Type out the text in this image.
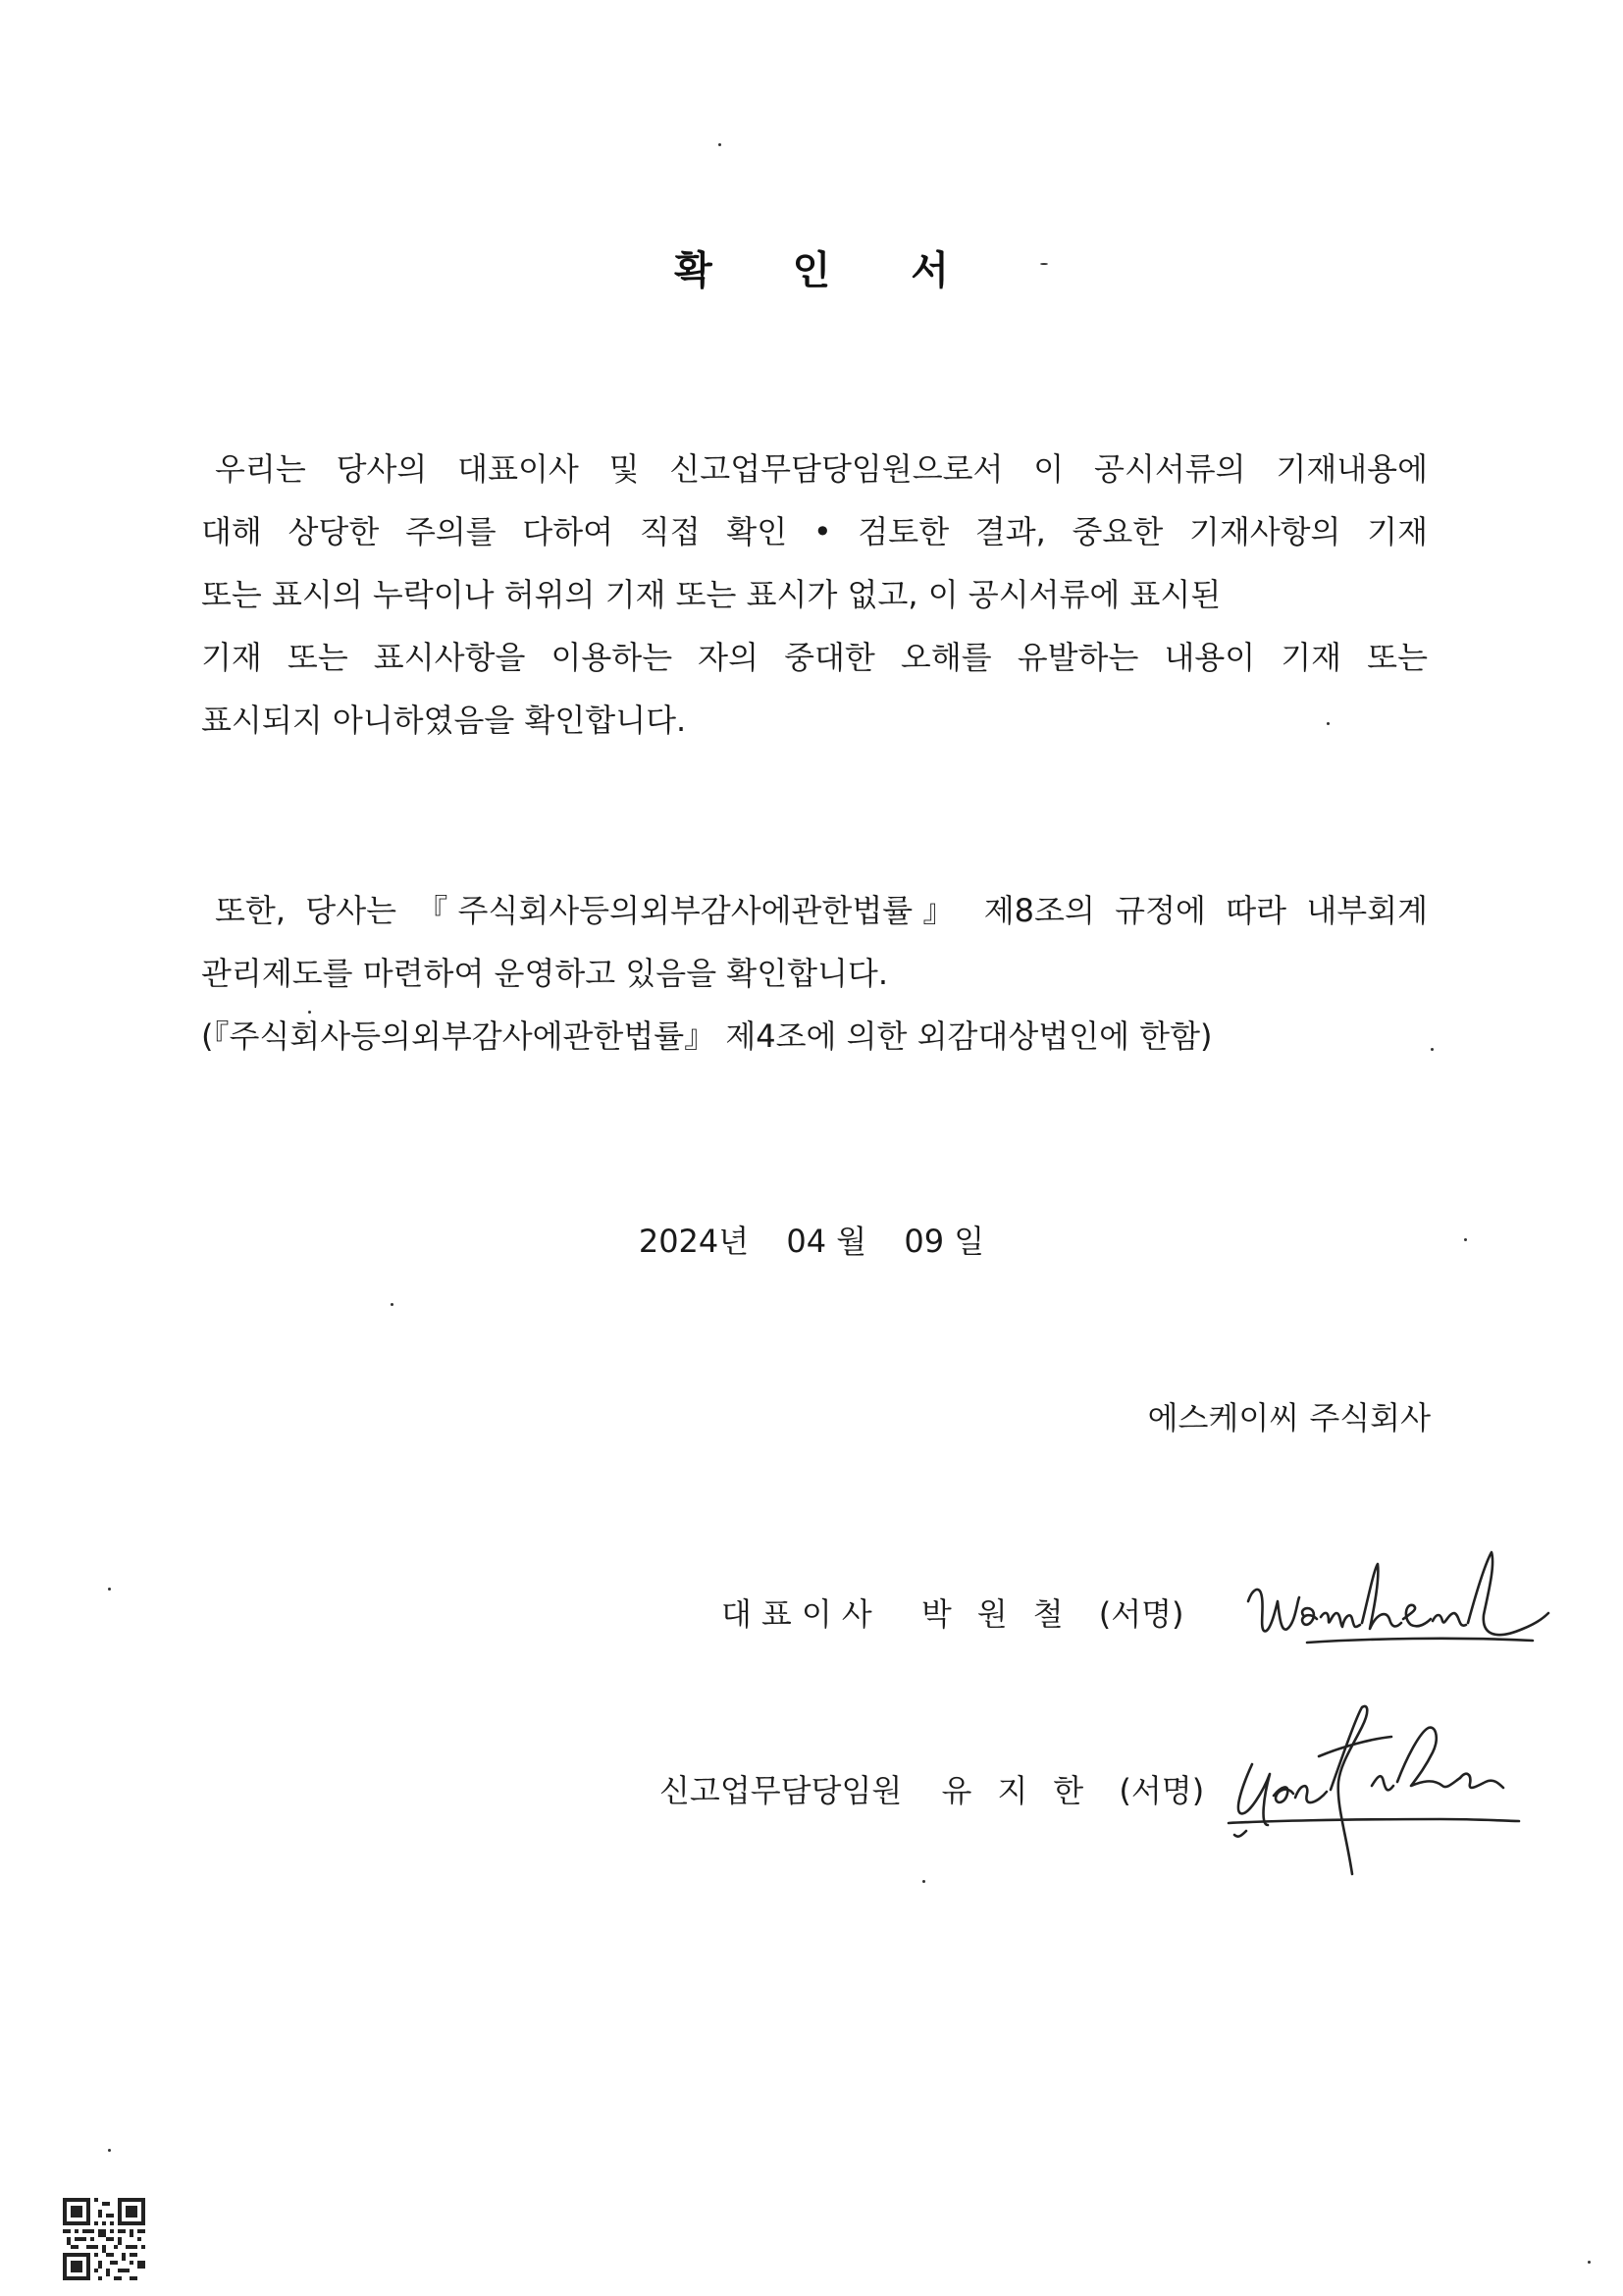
확 인 서
우리는 당사의 대표이사 및 신고업무담당임원으로서 이 공시서류의 기재내용에
대해 상당한 주의를 다하여 직접 확인 • 검토한 결과, 중요한 기재사항의 기재
또는 표시의 누락이나 허위의 기재 또는 표시가 없고, 이 공시서류에 표시된
기재 또는 표시사항을 이용하는 자의 중대한 오해를 유발하는 내용이 기재 또는
표시되지 아니하였음을 확인합니다.
또한, 당사는 『주식회사등의외부감사에관한법률』 제8조의 규정에 따라 내부회계
관리제도를 마련하여 운영하고 있음을 확인합니다.
(『주식회사등의외부감사에관한법률』 제4조에 의한 외감대상법인에 한함)
2024년 04 월 09 일
에스케이씨 주식회사
대표이사 박원철 (서명)
신고업무담당임원 유지한 (서명)
